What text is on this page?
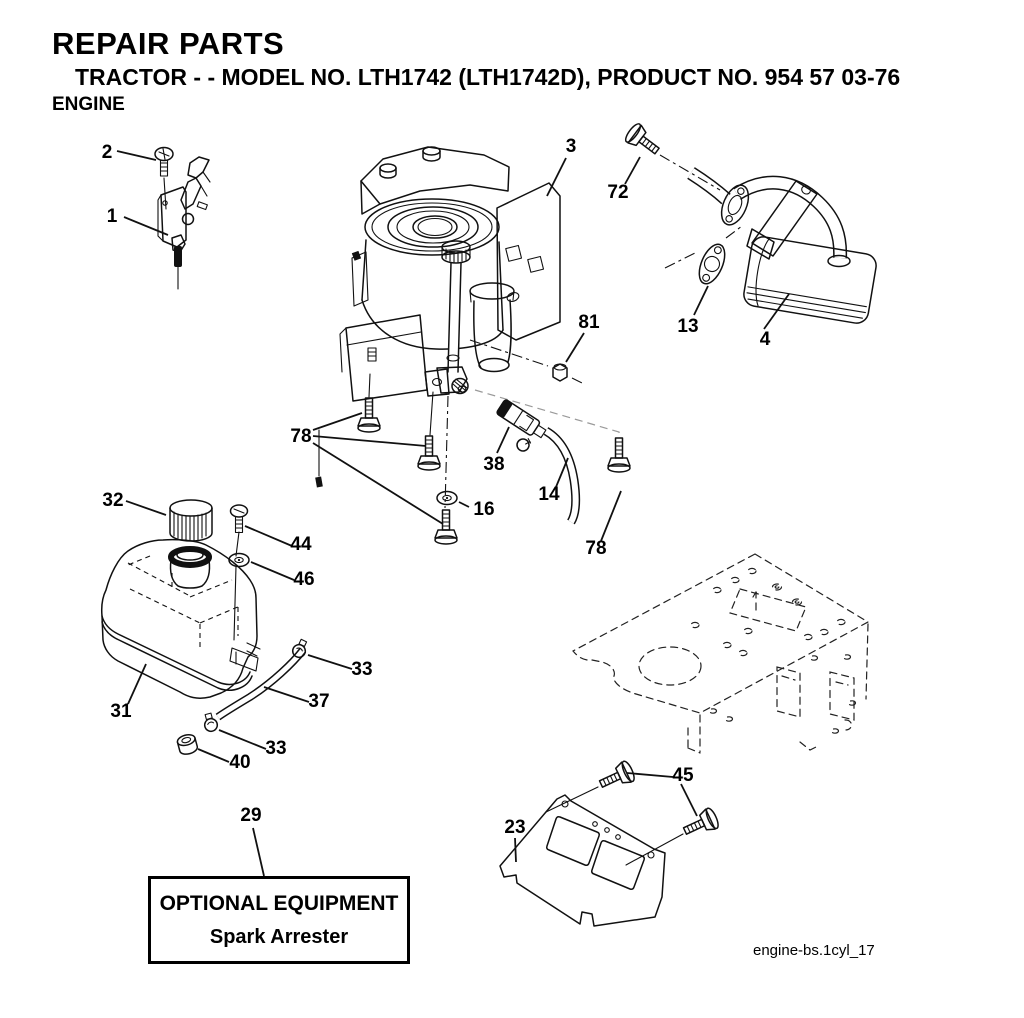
REPAIR PARTS
TRACTOR - - MODEL NO. LTH1742 (LTH1742D), PRODUCT NO. 954 57 03-76
ENGINE
2
1
3
72
13
4
81
78
38
14
16
78
32
44
46
33
37
31
33
40
29
23
45
OPTIONAL EQUIPMENT
Spark Arrester
engine-bs.1cyl_17
